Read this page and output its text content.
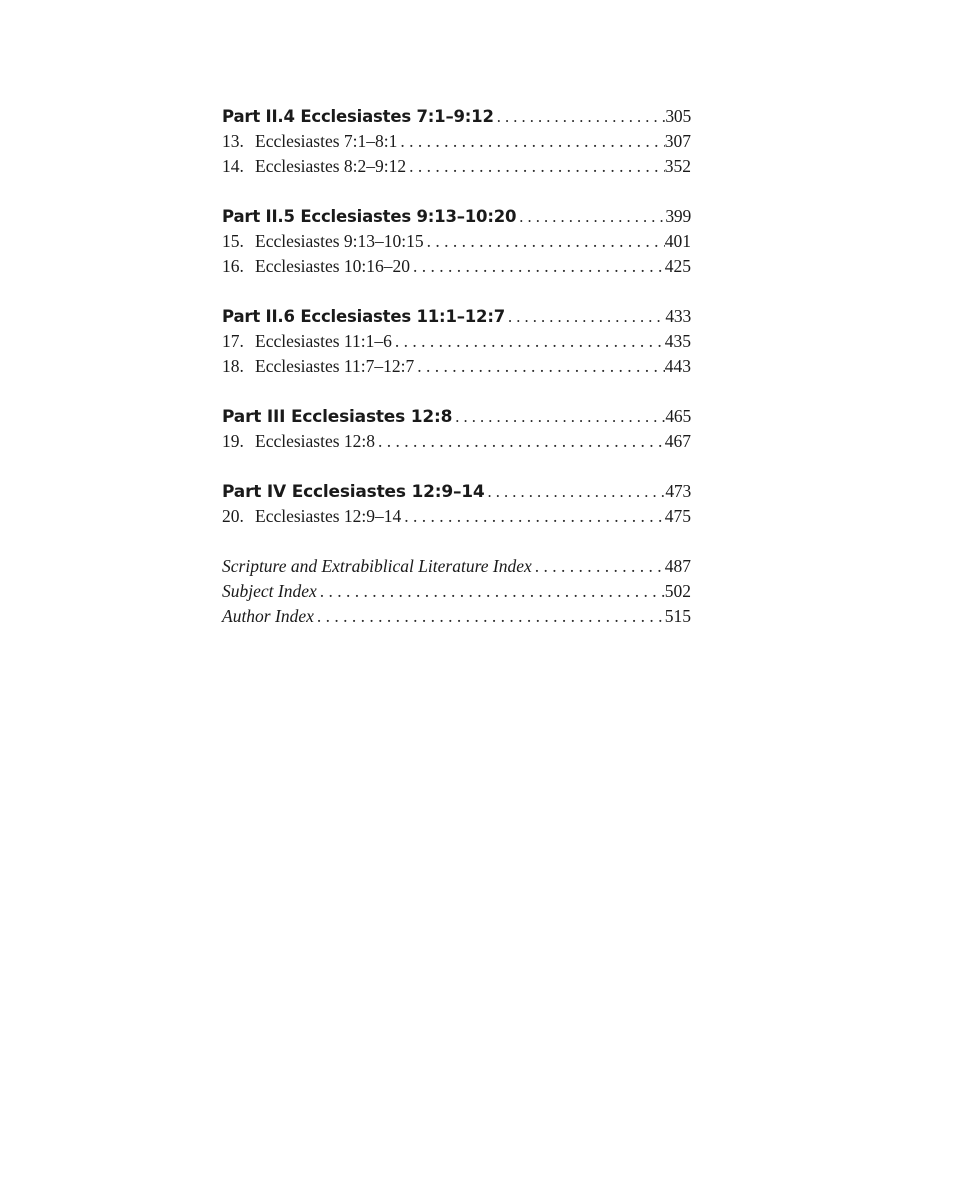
Part II.4 Ecclesiastes 7:1–9:12 . . .	305
13. Ecclesiastes 7:1–8:1 . . .	307
14. Ecclesiastes 8:2–9:12 . . .	352
Part II.5 Ecclesiastes 9:13–10:20 . . .	399
15. Ecclesiastes 9:13–10:15 . . .	401
16. Ecclesiastes 10:16–20 . . .	425
Part II.6 Ecclesiastes 11:1–12:7 . . .	433
17. Ecclesiastes 11:1–6 . . .	435
18. Ecclesiastes 11:7–12:7 . . .	443
Part III Ecclesiastes 12:8 . . .	465
19. Ecclesiastes 12:8 . . .	467
Part IV Ecclesiastes 12:9–14 . . .	473
20. Ecclesiastes 12:9–14 . . .	475
Scripture and Extrabiblical Literature Index . . .	487
Subject Index . . .	502
Author Index . . .	515
